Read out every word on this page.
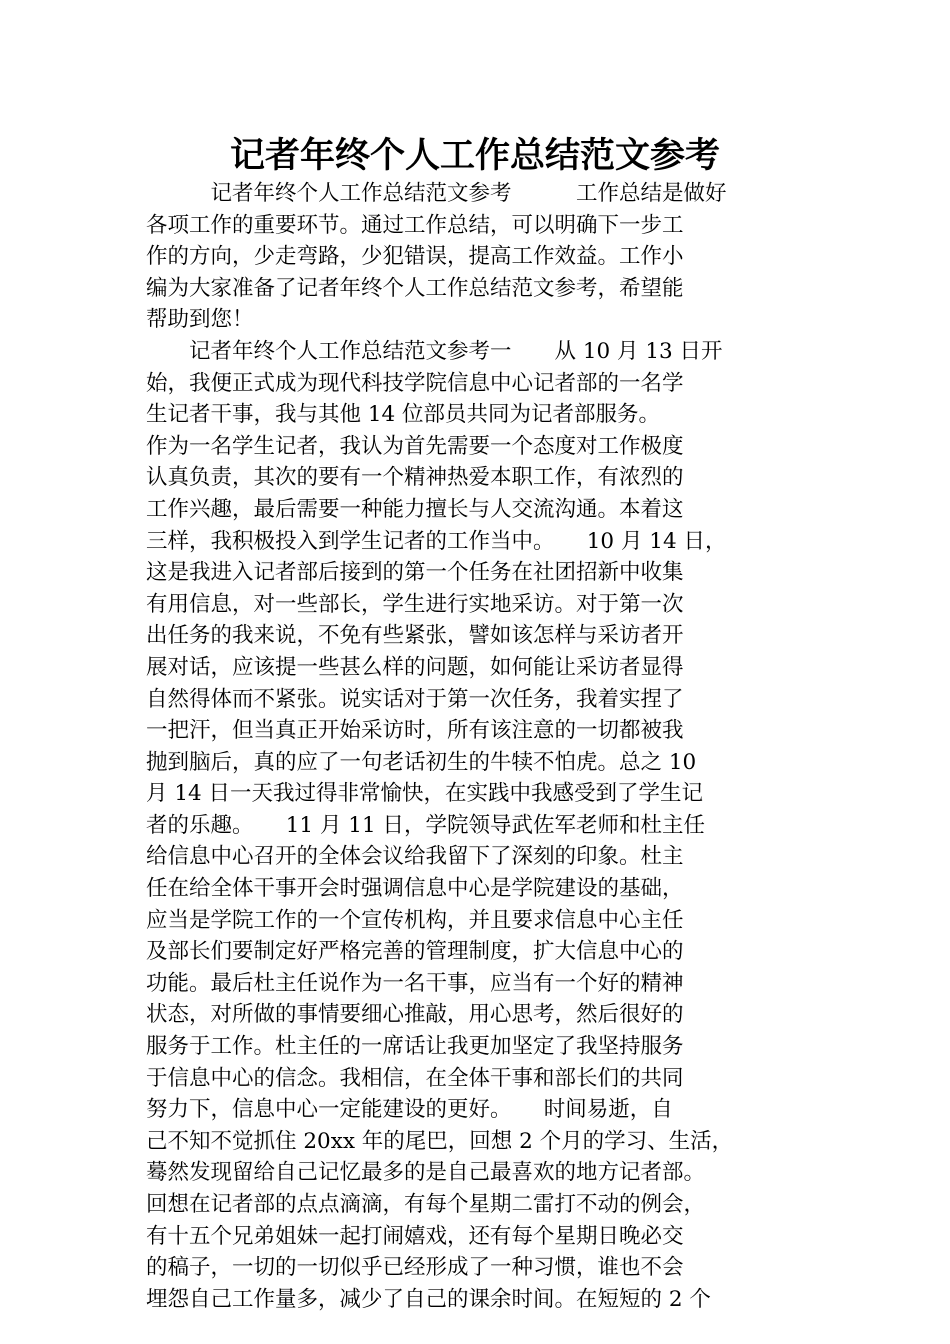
记者年终个人工作总结范文参考
　　　记者年终个人工作总结范文参考　　　工作总结是做好
各项工作的重要环节。通过工作总结，可以明确下一步工
作的方向，少走弯路，少犯错误，提高工作效益。工作小
编为大家准备了记者年终个人工作总结范文参考，希望能
帮助到您！
　　记者年终个人工作总结范文参考一　　从 10 月 13 日开
始，我便正式成为现代科技学院信息中心记者部的一名学
生记者干事，我与其他 14 位部员共同为记者部服务。
作为一名学生记者，我认为首先需要一个态度对工作极度
认真负责，其次的要有一个精神热爱本职工作，有浓烈的
工作兴趣，最后需要一种能力擅长与人交流沟通。本着这
三样，我积极投入到学生记者的工作当中。　　10 月 14 日，
这是我进入记者部后接到的第一个任务在社团招新中收集
有用信息，对一些部长，学生进行实地采访。对于第一次
出任务的我来说，不免有些紧张，譬如该怎样与采访者开
展对话，应该提一些甚么样的问题，如何能让采访者显得
自然得体而不紧张。说实话对于第一次任务，我着实捏了
一把汗，但当真正开始采访时，所有该注意的一切都被我
抛到脑后，真的应了一句老话初生的牛犊不怕虎。总之 10
月 14 日一天我过得非常愉快，在实践中我感受到了学生记
者的乐趣。　　11 月 11 日，学院领导武佐军老师和杜主任
给信息中心召开的全体会议给我留下了深刻的印象。杜主
任在给全体干事开会时强调信息中心是学院建设的基础，
应当是学院工作的一个宣传机构，并且要求信息中心主任
及部长们要制定好严格完善的管理制度，扩大信息中心的
功能。最后杜主任说作为一名干事，应当有一个好的精神
状态，对所做的事情要细心推敲，用心思考，然后很好的
服务于工作。杜主任的一席话让我更加坚定了我坚持服务
于信息中心的信念。我相信，在全体干事和部长们的共同
努力下，信息中心一定能建设的更好。　　时间易逝，自
己不知不觉抓住 20xx 年的尾巴，回想 2 个月的学习、生活，
蓦然发现留给自己记忆最多的是自己最喜欢的地方记者部。
回想在记者部的点点滴滴，有每个星期二雷打不动的例会，
有十五个兄弟姐妹一起打闹嬉戏，还有每个星期日晚必交
的稿子，一切的一切似乎已经形成了一种习惯，谁也不会
埋怨自己工作量多，减少了自己的课余时间。在短短的 2 个
